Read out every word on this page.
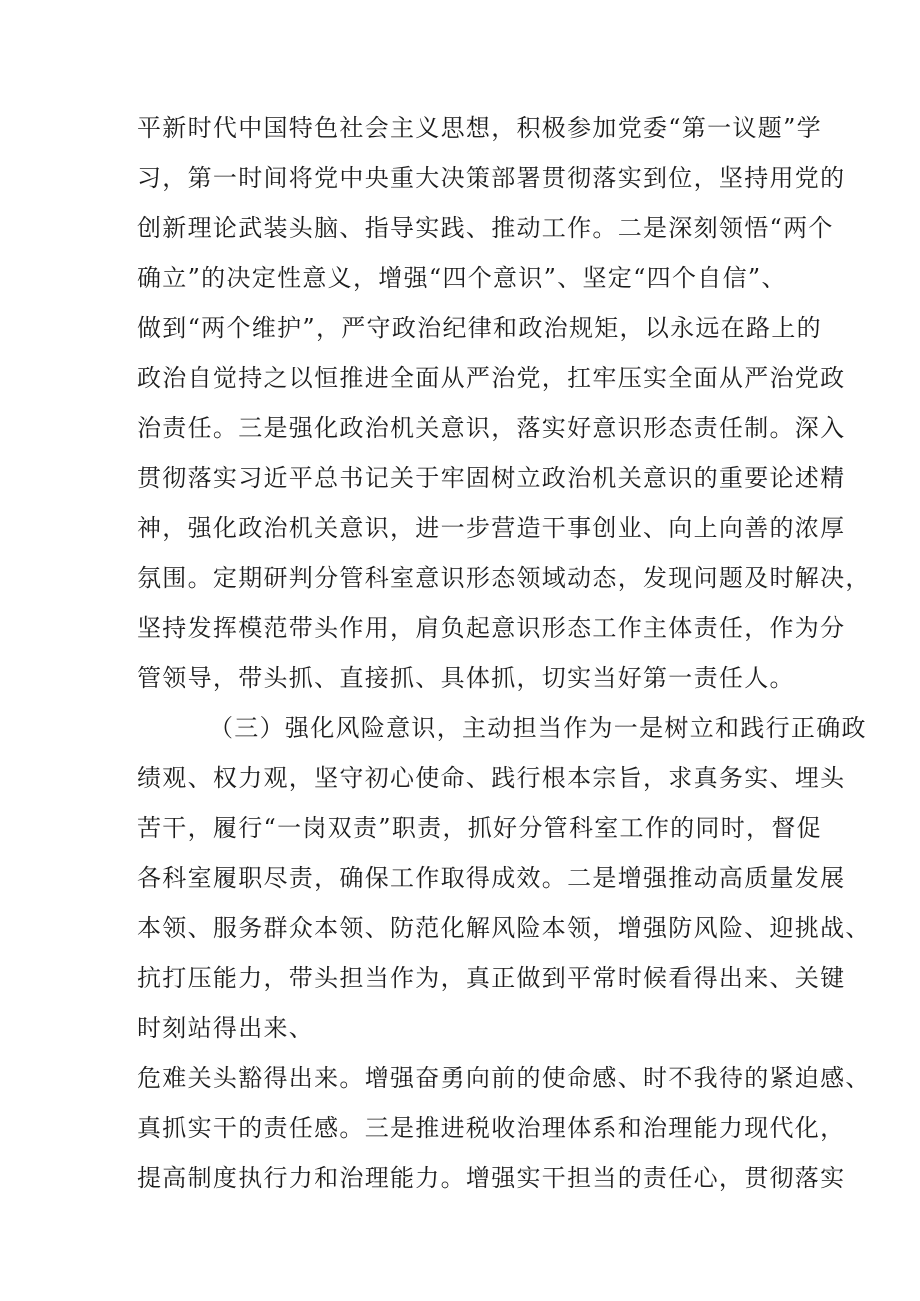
平新时代中国特色社会主义思想，积极参加党委“第一议题”学
习，第一时间将党中央重大决策部署贯彻落实到位，坚持用党的
创新理论武装头脑、指导实践、推动工作。二是深刻领悟“两个
确立”的决定性意义，增强“四个意识”、坚定“四个自信”、
做到“两个维护”，严守政治纪律和政治规矩，以永远在路上的
政治自觉持之以恒推进全面从严治党，扛牢压实全面从严治党政
治责任。三是强化政治机关意识，落实好意识形态责任制。深入
贯彻落实习近平总书记关于牢固树立政治机关意识的重要论述精
神，强化政治机关意识，进一步营造干事创业、向上向善的浓厚
氛围。定期研判分管科室意识形态领域动态，发现问题及时解决，
坚持发挥模范带头作用，肩负起意识形态工作主体责任，作为分
管领导，带头抓、直接抓、具体抓，切实当好第一责任人。
（三）强化风险意识，主动担当作为一是树立和践行正确政
绩观、权力观，坚守初心使命、践行根本宗旨，求真务实、埋头
苦干，履行“一岗双责”职责，抓好分管科室工作的同时，督促
各科室履职尽责，确保工作取得成效。二是增强推动高质量发展
本领、服务群众本领、防范化解风险本领，增强防风险、迎挑战、
抗打压能力，带头担当作为，真正做到平常时候看得出来、关键
时刻站得出来、
危难关头豁得出来。增强奋勇向前的使命感、时不我待的紧迫感、
真抓实干的责任感。三是推进税收治理体系和治理能力现代化，
提高制度执行力和治理能力。增强实干担当的责任心，贯彻落实
